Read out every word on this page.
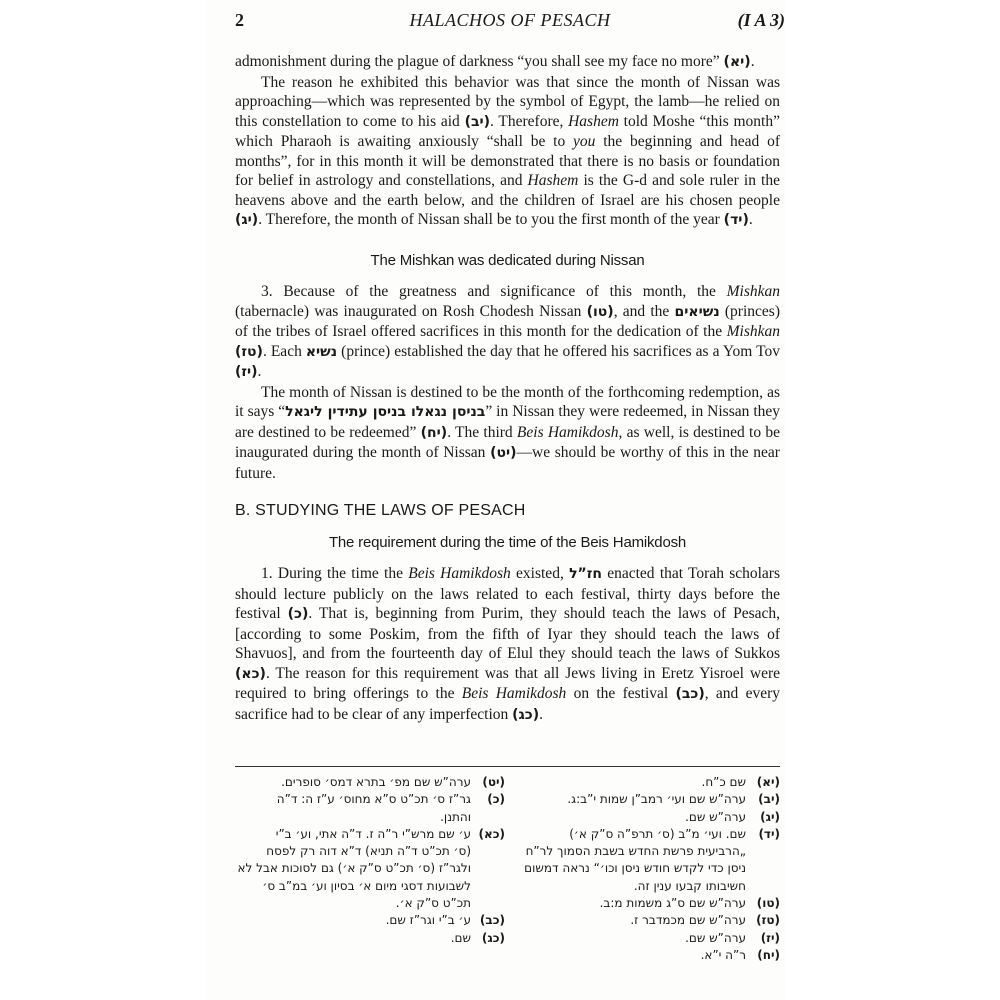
2	HALACHOS OF PESACH	(I A 3)

admonishment during the plague of darkness “you shall see my face no more” (יא).

The reason he exhibited this behavior was that since the month of Nissan was approaching—which was represented by the symbol of Egypt, the lamb—he relied on this constellation to come to his aid (יב). Therefore, Hashem told Moshe “this month” which Pharaoh is awaiting anxiously “shall be to you the beginning and head of months”, for in this month it will be demonstrated that there is no basis or foundation for belief in astrology and constellations, and Hashem is the G-d and sole ruler in the heavens above and the earth below, and the children of Israel are his chosen people (יג). Therefore, the month of Nissan shall be to you the first month of the year (יד).

The Mishkan was dedicated during Nissan

3. Because of the greatness and significance of this month, the Mishkan (tabernacle) was inaugurated on Rosh Chodesh Nissan (טו), and the נשיאים (princes) of the tribes of Israel offered sacrifices in this month for the dedication of the Mishkan (טז). Each נשיא (prince) established the day that he offered his sacrifices as a Yom Tov (יז).

The month of Nissan is destined to be the month of the forthcoming redemption, as it says “בניסן נגאלו בניסן עתידין ליגאל” in Nissan they were redeemed, in Nissan they are destined to be redeemed” (יח). The third Beis Hamikdosh, as well, is destined to be inaugurated during the month of Nissan (יט)—we should be worthy of this in the near future.

B. STUDYING THE LAWS OF PESACH
The requirement during the time of the Beis Hamikdosh

1. During the time the Beis Hamikdosh existed, חז”ל enacted that Torah scholars should lecture publicly on the laws related to each festival, thirty days before the festival (כ). That is, beginning from Purim, they should teach the laws of Pesach, [according to some Poskim, from the fifth of Iyar they should teach the laws of Shavuos], and from the fourteenth day of Elul they should teach the laws of Sukkos (כא). The reason for this requirement was that all Jews living in Eretz Yisroel were required to bring offerings to the Beis Hamikdosh on the festival (כב), and every sacrifice had to be clear of any imperfection (כג).

(יא)
שם כ”ח.
(יב)
ערה”ש שם ועי׳ רמב”ן שמות י”ב:ג.
(יג)
ערה”ש שם.
(יד)
שם. ועי׳ מ”ב (ס׳ תרפ”ה ס”ק א׳)
„הרביעית פרשת החדש בשבת הסמוך לר”ח
ניסן כדי לקדש חודש ניסן וכו׳“ נראה דמשום
חשיבותו קבעו ענין זה.
(טו)
ערה”ש שם ס”ג משמות מ:ב.
(טז)
ערה”ש שם מכמדבר ז.
(יז)
ערה”ש שם.
(יח)
ר”ה י”א.
(יט)
ערה”ש שם מפ׳ בתרא דמס׳ סופרים.
(כ)
גר”ז ס׳ תכ”ט ס”א מחוס׳ ע”ז ה: ד”ה
והתנן.
(כא)
ע׳ שם מרש”י ר”ה ז. ד”ה אתי, וע׳ ב”י
(ס׳ תכ”ט ד”ה תניא) ד”א דוה רק לפסח
ולגר”ז (ס׳ תכ”ט ס”ק א׳) גם לסוכות אבל לא
לשבועות דסגי מיום א׳ בסיון וע׳ במ”ב ס׳
תכ”ט ס”ק א׳.
(כב)
ע׳ ב”י וגר”ז שם.
(כג)
שם.
